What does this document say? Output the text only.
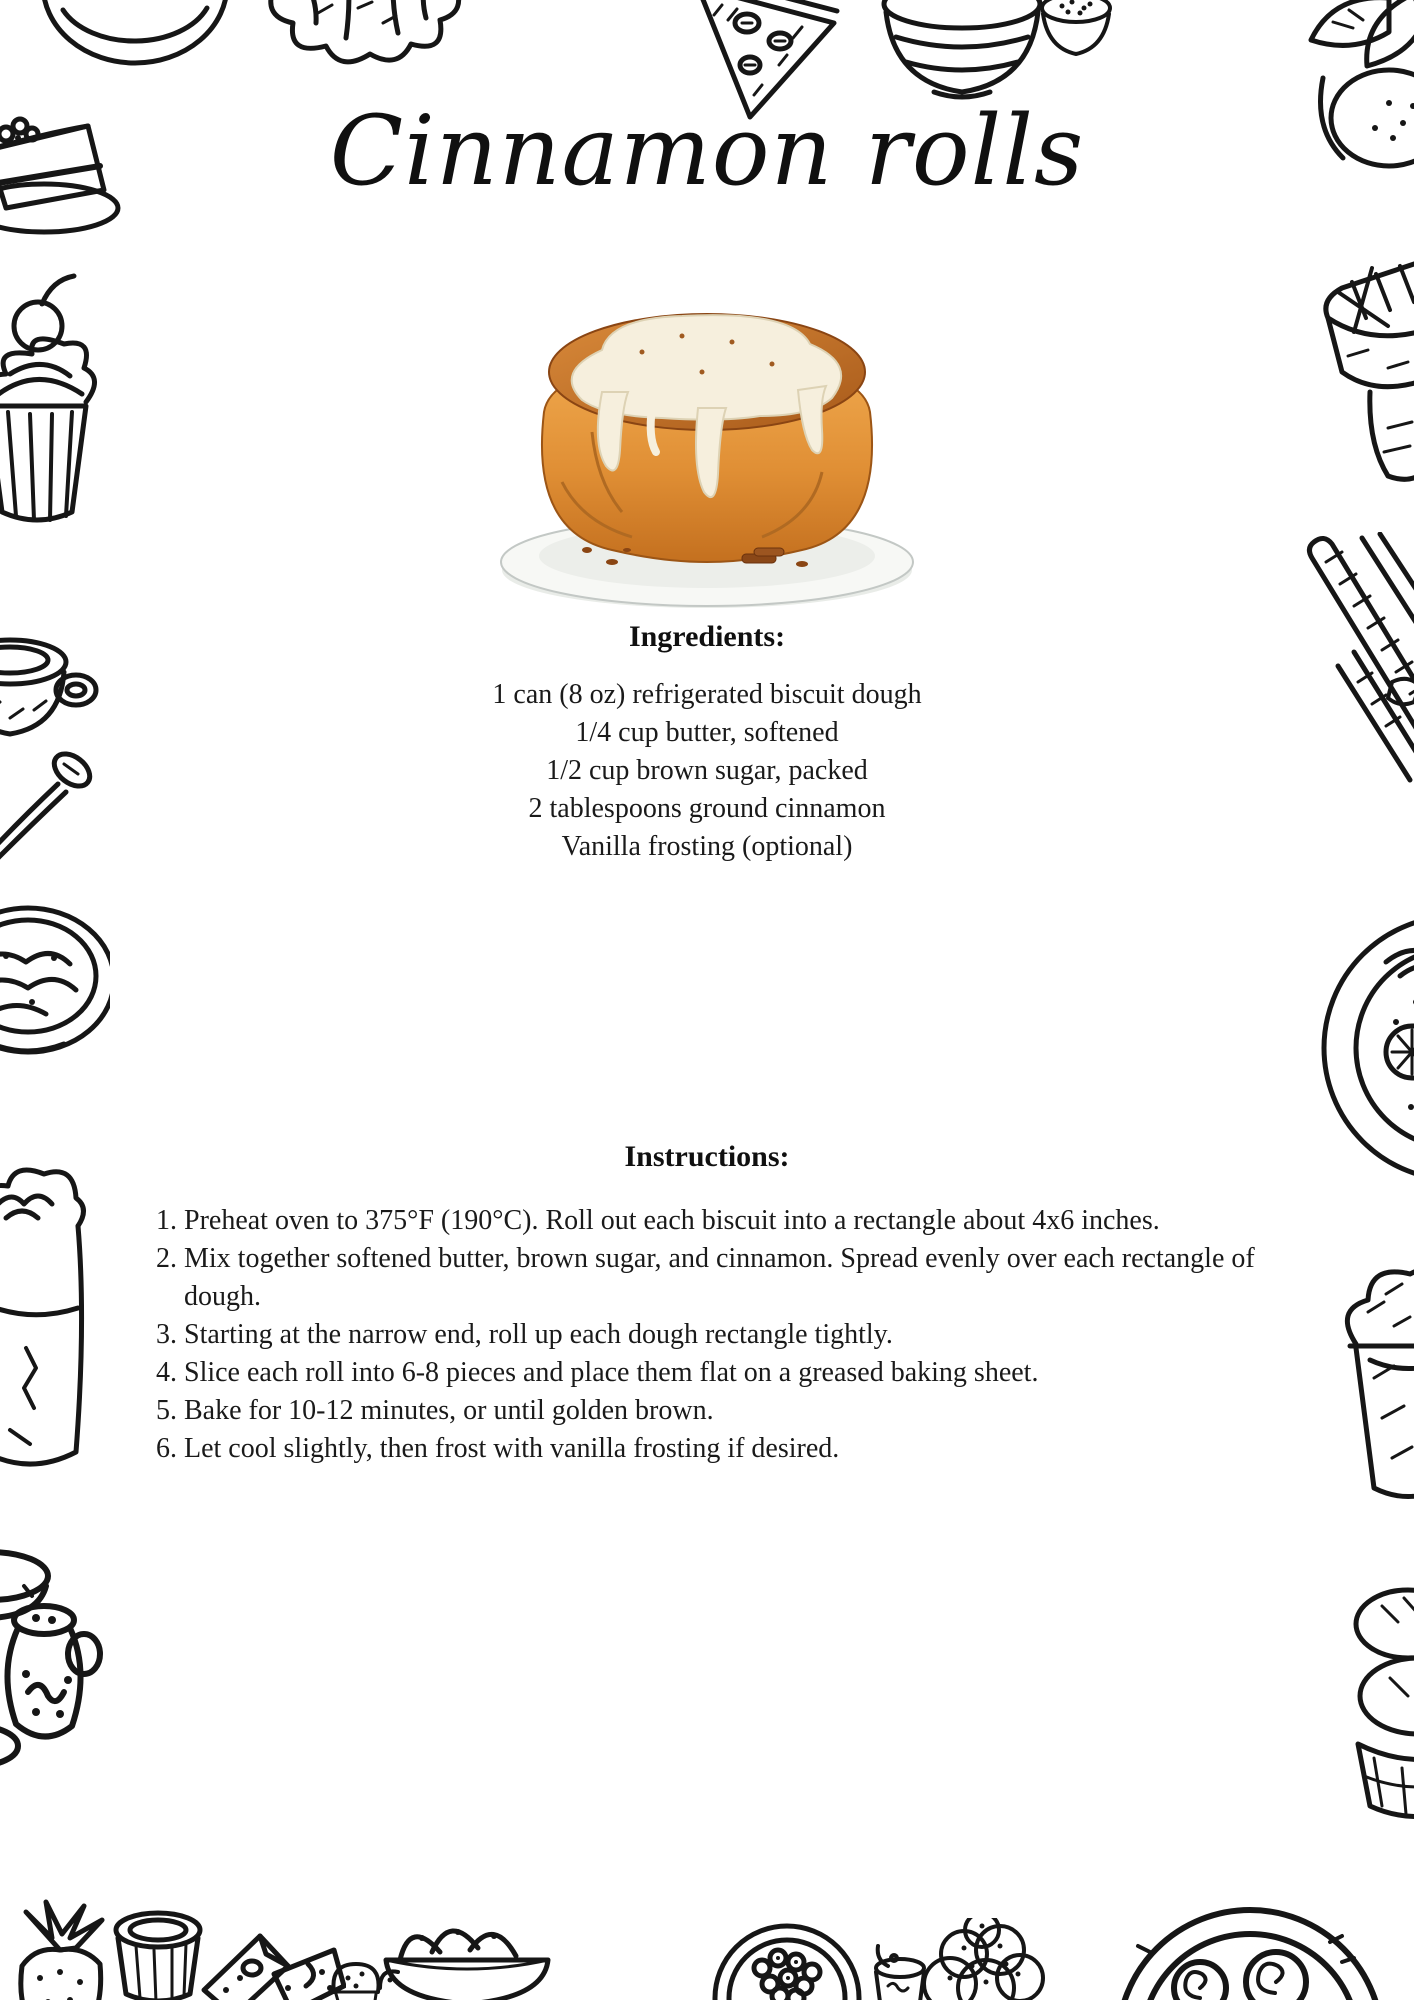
Cinnamon rolls
Ingredients:
1 can (8 oz) refrigerated biscuit dough
1/4 cup butter, softened
1/2 cup brown sugar, packed
2 tablespoons ground cinnamon
Vanilla frosting (optional)
Instructions:
1. Preheat oven to 375°F (190°C). Roll out each biscuit into a rectangle about 4x6 inches.
2. Mix together softened butter, brown sugar, and cinnamon. Spread evenly over each rectangle of dough.
3. Starting at the narrow end, roll up each dough rectangle tightly.
4. Slice each roll into 6-8 pieces and place them flat on a greased baking sheet.
5. Bake for 10-12 minutes, or until golden brown.
6. Let cool slightly, then frost with vanilla frosting if desired.
